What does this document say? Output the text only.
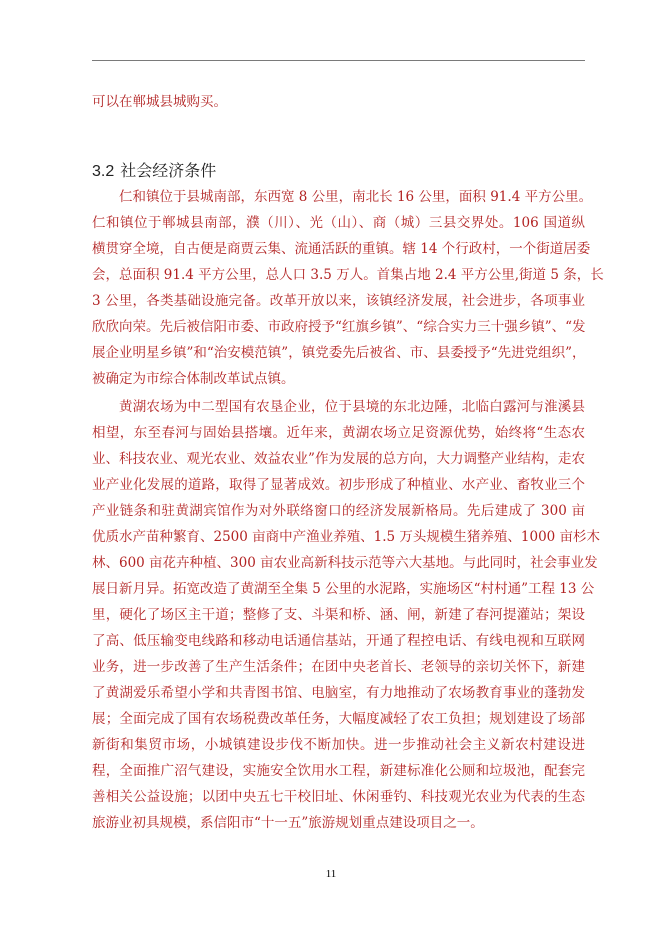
可以在郸城县城购买。
3.2 社会经济条件
仁和镇位于县城南部，东西宽 8 公里，南北长 16 公里，面积 91.4 平方公里。
仁和镇位于郸城县南部，濮（川）、光（山）、商（城）三县交界处。106 国道纵
横贯穿全境，自古便是商贾云集、流通活跃的重镇。辖 14 个行政村，一个街道居委
会，总面积 91.4 平方公里，总人口 3.5 万人。首集占地 2.4 平方公里,街道 5 条，长
3 公里，各类基础设施完备。改革开放以来，该镇经济发展，社会进步，各项事业
欣欣向荣。先后被信阳市委、市政府授予“红旗乡镇”、“综合实力三十强乡镇”、“发
展企业明星乡镇”和“治安模范镇”，镇党委先后被省、市、县委授予“先进党组织”，
被确定为市综合体制改革试点镇。
黄湖农场为中二型国有农垦企业，位于县境的东北边陲，北临白露河与淮溪县
相望，东至春河与固始县搭壤。近年来，黄湖农场立足资源优势，始终将“生态农
业、科技农业、观光农业、效益农业”作为发展的总方向，大力调整产业结构，走农
业产业化发展的道路，取得了显著成效。初步形成了种植业、水产业、畜牧业三个
产业链条和驻黄湖宾馆作为对外联络窗口的经济发展新格局。先后建成了 300 亩
优质水产苗种繁育、2500 亩商中产渔业养殖、1.5 万头规模生猪养殖、1000 亩杉木
林、600 亩花卉种植、300 亩农业高新科技示范等六大基地。与此同时，社会事业发
展日新月异。拓宽改造了黄湖至全集 5 公里的水泥路，实施场区“村村通”工程 13 公
里，硬化了场区主干道；整修了支、斗渠和桥、涵、闸，新建了春河提灌站；架设
了高、低压输变电线路和移动电话通信基站，开通了程控电话、有线电视和互联网
业务，进一步改善了生产生活条件；在团中央老首长、老领导的亲切关怀下，新建
了黄湖爱乐希望小学和共青图书馆、电脑室，有力地推动了农场教育事业的蓬勃发
展；全面完成了国有农场税费改革任务，大幅度减轻了农工负担；规划建设了场部
新街和集贸市场，小城镇建设步伐不断加快。进一步推动社会主义新农村建设进
程，全面推广沼气建设，实施安全饮用水工程，新建标准化公厕和垃圾池，配套完
善相关公益设施；以团中央五七干校旧址、休闲垂钓、科技观光农业为代表的生态
旅游业初具规模，系信阳市“十一五”旅游规划重点建设项目之一。
11
